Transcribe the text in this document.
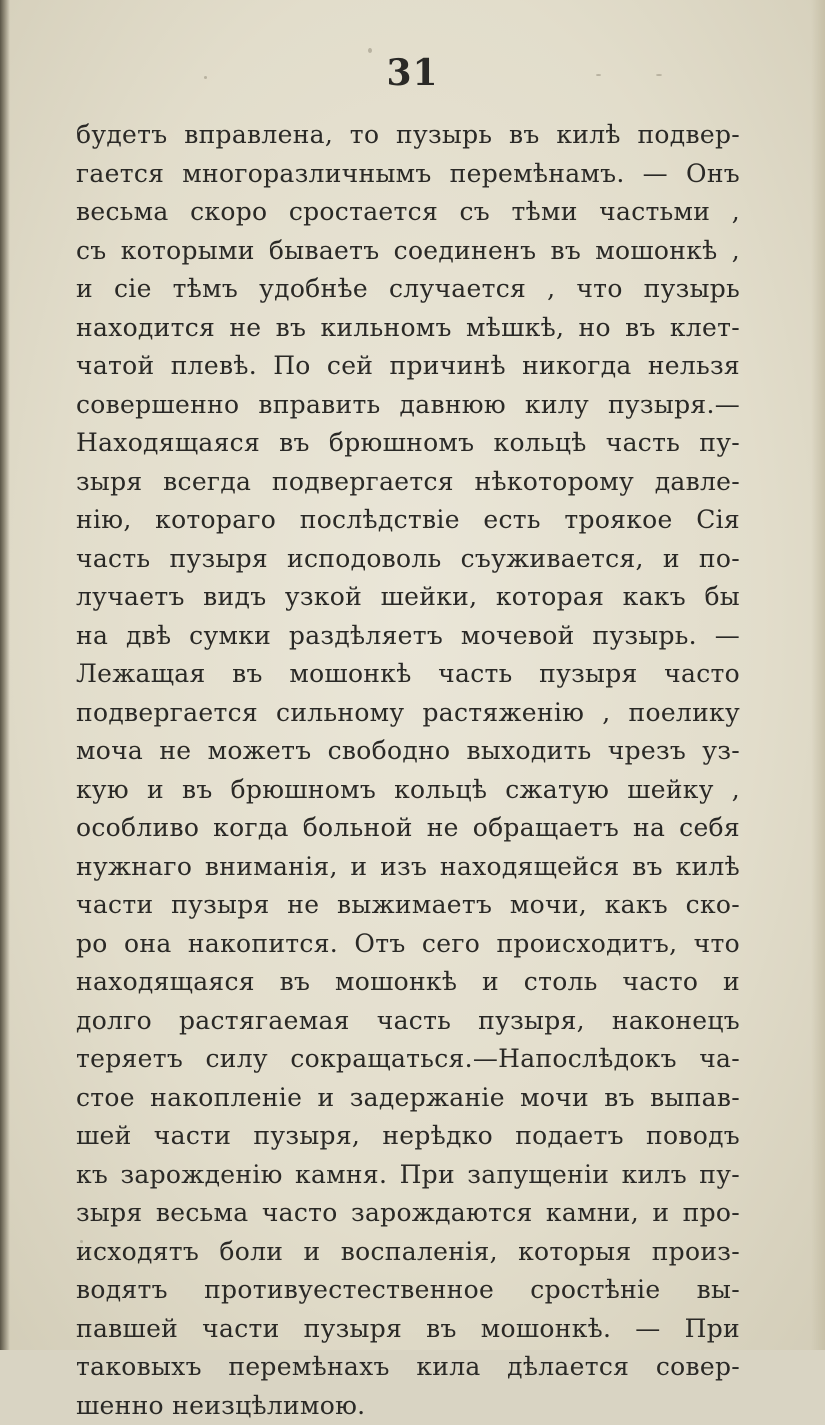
31
будетъ вправлена, то пузырь въ килѣ подвер-
гается многоразличнымъ перемѣнамъ. — Онъ
весьма скоро сростается съ тѣми частьми ,
съ которыми бываетъ соединенъ въ мошонкѣ ,
и сіе тѣмъ удобнѣе случается , что пузырь
находится не въ кильномъ мѣшкѣ, но въ клет-
чатой плевѣ. По сей причинѣ никогда нельзя
совершенно вправить давнюю килу пузыря.—
Находящаяся въ брюшномъ кольцѣ часть пу-
зыря всегда подвергается нѣкоторому давле-
нію, котораго послѣдствіе есть троякое Сія
часть пузыря исподоволь съуживается, и по-
лучаетъ видъ узкой шейки, которая какъ бы
на двѣ сумки раздѣляетъ мочевой пузырь. —
Лежащая въ мошонкѣ часть пузыря часто
подвергается сильному растяженію , поелику
моча не можетъ свободно выходить чрезъ уз-
кую и въ брюшномъ кольцѣ сжатую шейку ,
особливо когда больной не обращаетъ на себя
нужнаго вниманія, и изъ находящейся въ килѣ
части пузыря не выжимаетъ мочи, какъ ско-
ро она накопится. Отъ сего происходитъ, что
находящаяся въ мошонкѣ и столь часто и
долго растягаемая часть пузыря, наконецъ
теряетъ силу сокращаться.—Напослѣдокъ ча-
стое накопленіе и задержаніе мочи въ выпав-
шей части пузыря, нерѣдко подаетъ поводъ
къ зарожденію камня. При запущеніи килъ пу-
зыря весьма часто зарождаются камни, и про-
исходятъ боли и воспаленія, которыя произ-
водятъ противуестественное сростѣніе вы-
павшей части пузыря въ мошонкѣ. — При
таковыхъ перемѣнахъ кила дѣлается совер-
шенно неизцѣлимою.
